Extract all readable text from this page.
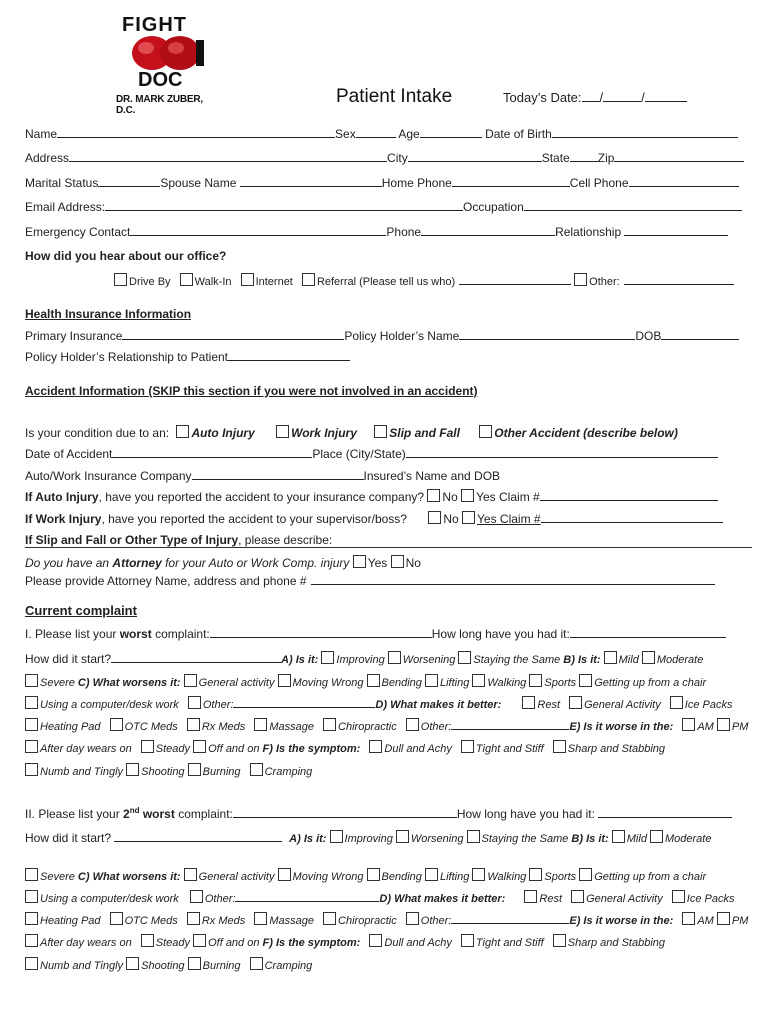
FIGHT
DOC
DR. MARK ZUBER, D.C.
Patient Intake	Today’s Date: /	/
Name	Sex	Age	Date of Birth
Address	City	State Zip
Marital Status	Spouse Name	Home Phone	Cell Phone
Email Address:	Occupation
Emergency Contact	Phone	Relationship
How did you hear about our office?
Drive By Walk-In Internet Referral (Please tell us who)	Other:
Health Insurance Information
Primary Insurance	Policy Holder’s Name	DOB
Policy Holder’s Relationship to Patient
Accident Information (SKIP this section if you were not involved in an accident)
Is your condition due to an: Auto Injury	Work Injury	Slip and Fall	Other Accident (describe below)
Date of Accident	Place (City/State)
Auto/Work Insurance Company	Insured’s Name and DOB
If Auto Injury, have you reported the accident to your insurance company? No Yes Claim #
If Work Injury, have you reported the accident to your supervisor/boss?	No Yes Claim #
If Slip and Fall or Other Type of Injury, please describe:
Do you have an Attorney for your Auto or Work Comp. injury Yes No
Please provide Attorney Name, address and phone #
Current complaint
I. Please list your worst complaint:	How long have you had it:
How did it start?	A) Is it: Improving Worsening Staying the Same B) Is it: Mild Moderate
Severe C) What worsens it: General activity Moving Wrong Bending Lifting Walking Sports Getting up from a chair
Using a computer/desk work Other:	D) What makes it better:	Rest General Activity Ice Packs
Heating Pad OTC Meds Rx Meds Massage Chiropractic Other:	E) Is it worse in the: AM PM
After day wears on Steady Off and on F) Is the symptom: Dull and Achy Tight and Stiff Sharp and Stabbing
Numb and Tingly Shooting Burning Cramping
II. Please list your 2nd worst complaint:	How long have you had it:
How did it start?	A) Is it: Improving Worsening Staying the Same B) Is it: Mild Moderate
Severe C) What worsens it: General activity Moving Wrong Bending Lifting Walking Sports Getting up from a chair
Using a computer/desk work Other:	D) What makes it better:	Rest General Activity Ice Packs
Heating Pad OTC Meds Rx Meds Massage Chiropractic Other:	E) Is it worse in the: AM PM
After day wears on Steady Off and on F) Is the symptom: Dull and Achy Tight and Stiff Sharp and Stabbing
Numb and Tingly Shooting Burning Cramping
